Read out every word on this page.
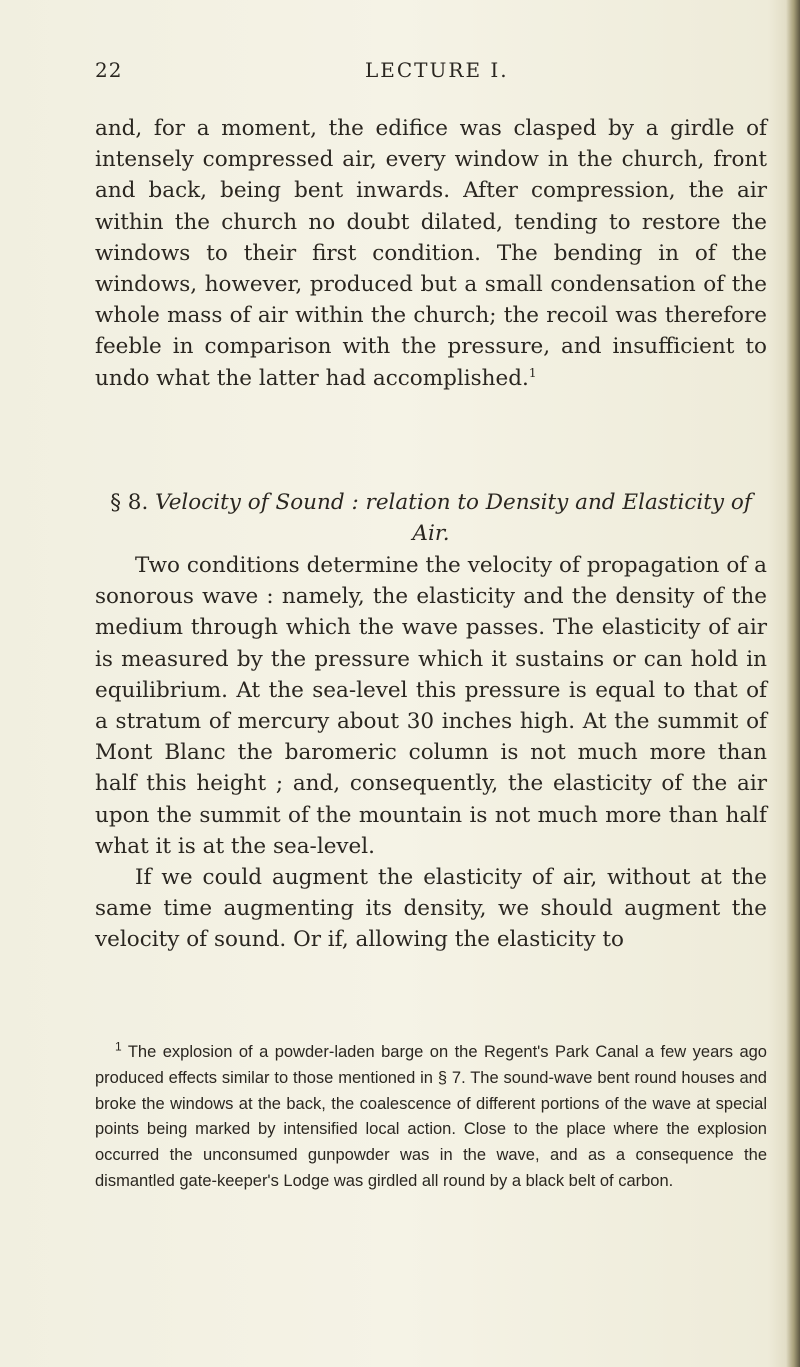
22	LECTURE I.

and, for a moment, the edifice was clasped by a girdle of intensely compressed air, every window in the church, front and back, being bent inwards. After compression, the air within the church no doubt dilated, tending to restore the windows to their first condition. The bending in of the windows, however, produced but a small condensation of the whole mass of air within the church; the recoil was therefore feeble in comparison with the pressure, and insufficient to undo what the latter had accomplished.$^1$

§ 8. Velocity of Sound : relation to Density and Elasticity of Air.

Two conditions determine the velocity of propagation of a sonorous wave : namely, the elasticity and the density of the medium through which the wave passes. The elasticity of air is measured by the pressure which it sustains or can hold in equilibrium. At the sea-level this pressure is equal to that of a stratum of mercury about 30 inches high. At the summit of Mont Blanc the baromeric column is not much more than half this height ; and, consequently, the elasticity of the air upon the summit of the mountain is not much more than half what it is at the sea-level.

If we could augment the elasticity of air, without at the same time augmenting its density, we should augment the velocity of sound. Or if, allowing the elasticity to

$^1$ The explosion of a powder-laden barge on the Regent's Park Canal a few years ago produced effects similar to those mentioned in § 7. The sound-wave bent round houses and broke the windows at the back, the coalescence of different portions of the wave at special points being marked by intensified local action. Close to the place where the explosion occurred the unconsumed gunpowder was in the wave, and as a consequence the dismantled gate-keeper's Lodge was girdled all round by a black belt of carbon.
